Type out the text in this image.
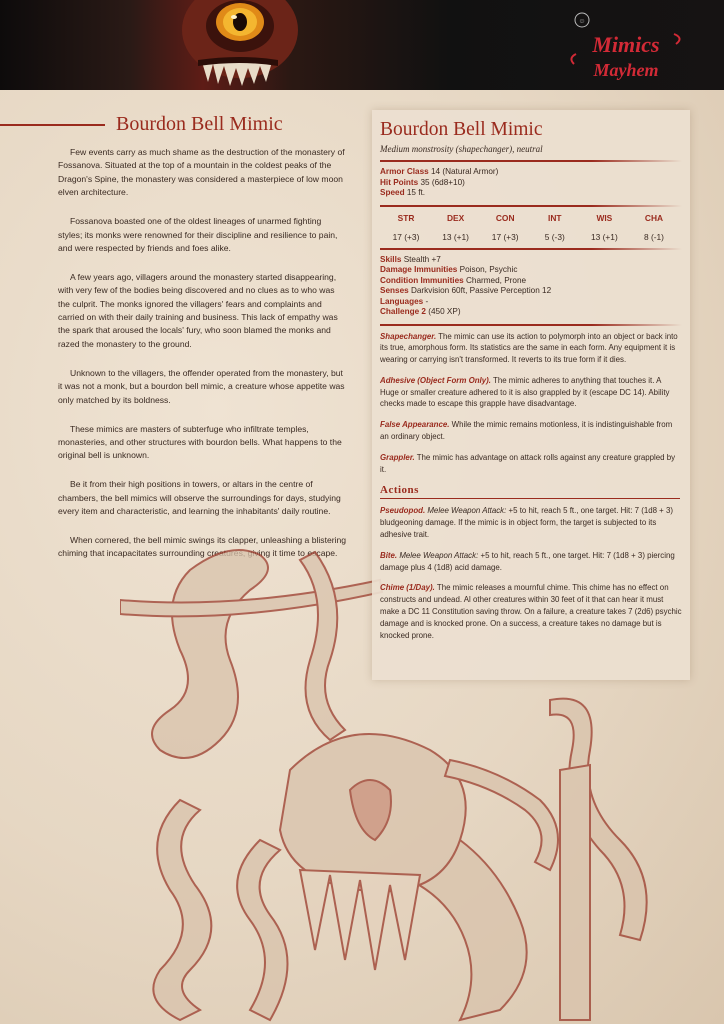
☺
Mimics
Mayhem
Bourdon Bell Mimic

Few events carry as much shame as the destruction of the monastery of Fossanova. Situated at the top of a mountain in the coldest peaks of the Dragon's Spine, the monastery was considered a masterpiece of low moon elven architecture.

Fossanova boasted one of the oldest lineages of unarmed fighting styles; its monks were renowned for their discipline and resilience to pain, and were respected by friends and foes alike.

A few years ago, villagers around the monastery started disappearing, with very few of the bodies being discovered and no clues as to who was the culprit. The monks ignored the villagers' fears and complaints and carried on with their daily training and business. This lack of empathy was the spark that aroused the locals' fury, who soon blamed the monks and razed the monastery to the ground.

Unknown to the villagers, the offender operated from the monastery, but it was not a monk, but a bourdon bell mimic, a creature whose appetite was only matched by its boldness.

These mimics are masters of subterfuge who infiltrate temples, monasteries, and other structures with bourdon bells. What happens to the original bell is unknown.

Be it from their high positions in towers, or altars in the centre of chambers, the bell mimics will observe the surroundings for days, studying every item and characteristic, and learning the inhabitants' daily routine.

When cornered, the bell mimic swings its clapper, unleashing a blistering chiming that incapacitates surrounding creatures, giving it time to escape.

Bourdon Bell Mimic
Medium monstrosity (shapechanger), neutral
Armor Class 14 (Natural Armor)
Hit Points 35 (6d8+10)
Speed 15 ft.
STR
17 (+3)
DEX
13 (+1)
CON
17 (+3)
INT
5 (-3)
WIS
13 (+1)
CHA
8 (-1)
Skills Stealth +7
Damage Immunities Poison, Psychic
Condition Immunities Charmed, Prone
Senses Darkvision 60ft, Passive Perception 12
Languages -
Challenge 2 (450 XP)

Shapechanger. The mimic can use its action to polymorph into an object or back into its true, amorphous form. Its statistics are the same in each form. Any equipment it is wearing or carrying isn't transformed. It reverts to its true form if it dies.

Adhesive (Object Form Only). The mimic adheres to anything that touches it. A Huge or smaller creature adhered to it is also grappled by it (escape DC 14). Ability checks made to escape this grapple have disadvantage.

False Appearance. While the mimic remains motionless, it is indistinguishable from an ordinary object.

Grappler. The mimic has advantage on attack rolls against any creature grappled by it.

Actions

Pseudopod. Melee Weapon Attack: +5 to hit, reach 5 ft., one target. Hit: 7 (1d8 + 3) bludgeoning damage. If the mimic is in object form, the target is subjected to its adhesive trait.

Bite. Melee Weapon Attack: +5 to hit, reach 5 ft., one target. Hit: 7 (1d8 + 3) piercing damage plus 4 (1d8) acid damage.

Chime (1/Day). The mimic releases a mournful chime. This chime has no effect on constructs and undead. Al other creatures within 30 feet of it that can hear it must make a DC 11 Constitution saving throw. On a failure, a creature takes 7 (2d6) psychic damage and is knocked prone. On a success, a creature takes no damage but is knocked prone.
